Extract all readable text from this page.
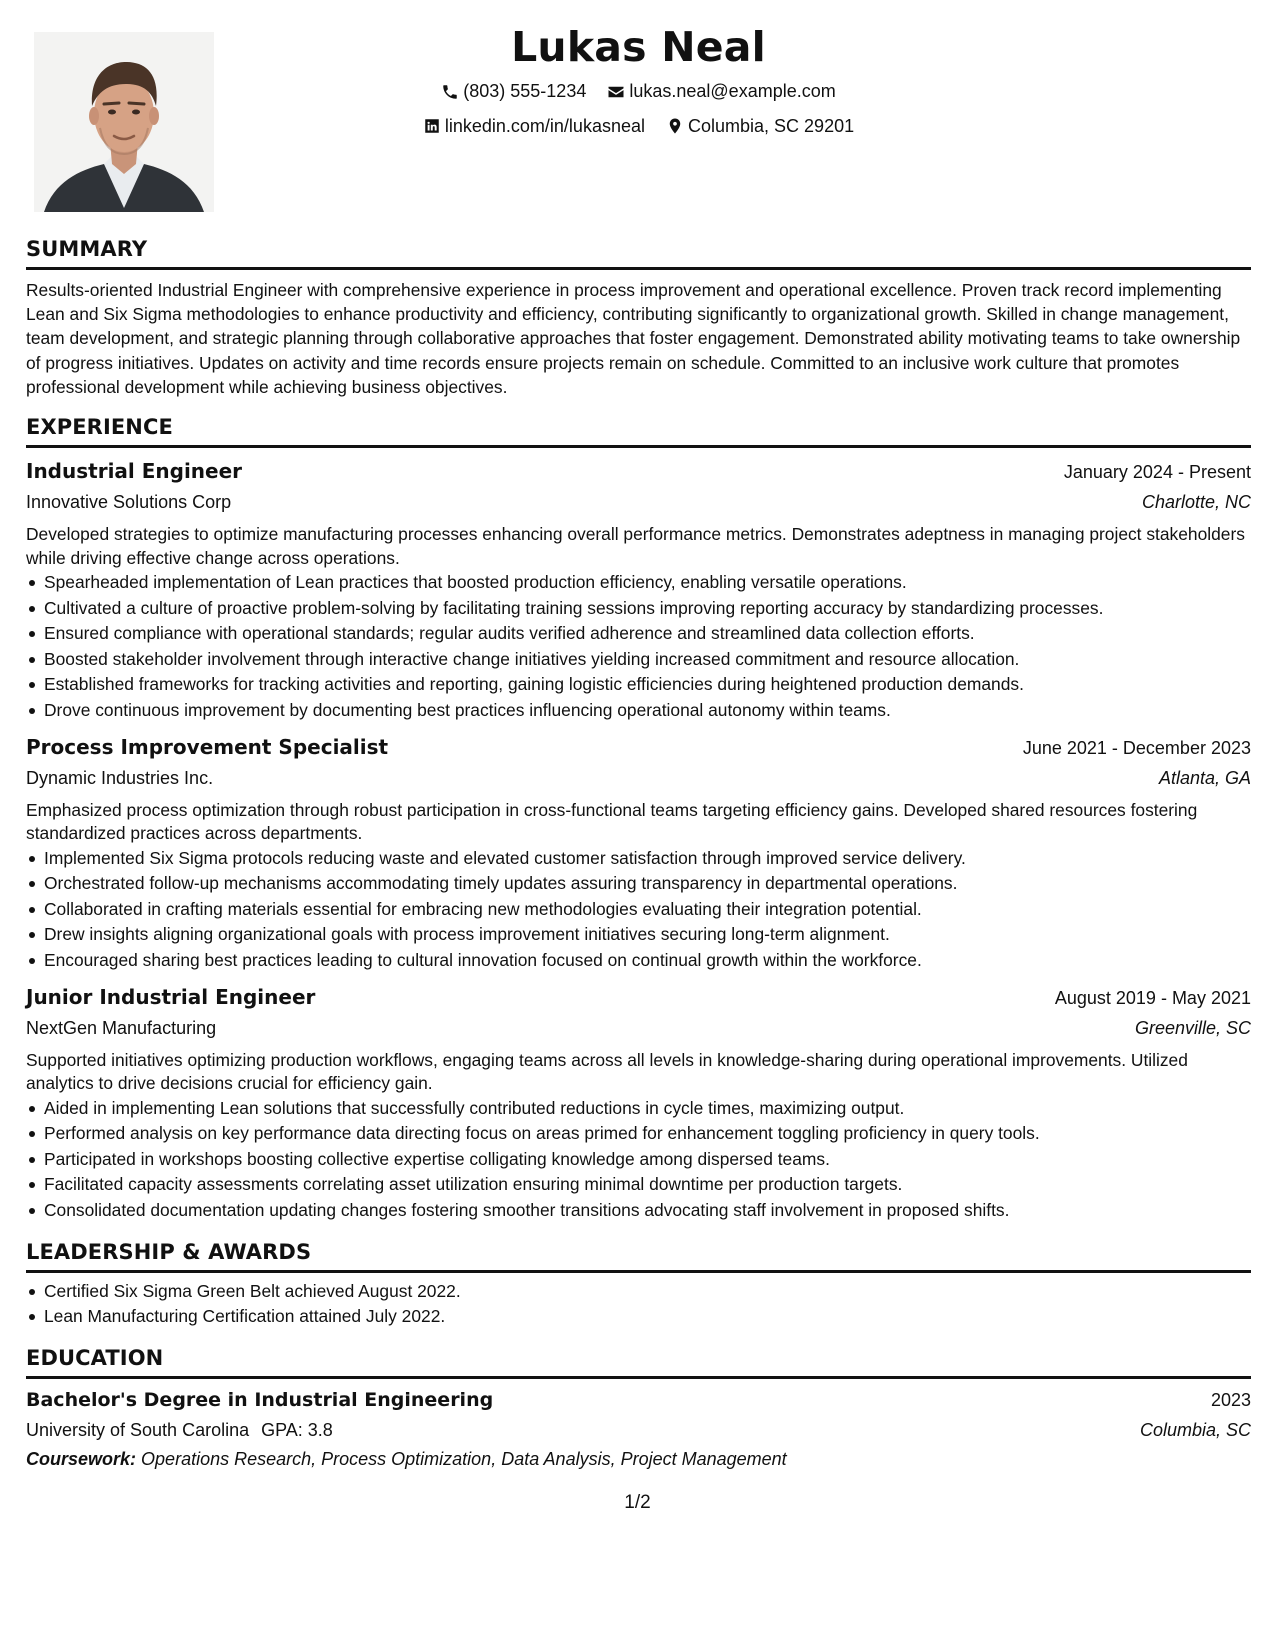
Lukas Neal
(803) 555-1234
lukas.neal@example.com
linkedin.com/in/lukasneal
Columbia, SC 29201
SUMMARY

Results-oriented Industrial Engineer with comprehensive experience in process improvement and operational excellence. Proven track record implementing Lean and Six Sigma methodologies to enhance productivity and efficiency, contributing significantly to organizational growth. Skilled in change management, team development, and strategic planning through collaborative approaches that foster engagement. Demonstrated ability motivating teams to take ownership of progress initiatives. Updates on activity and time records ensure projects remain on schedule. Committed to an inclusive work culture that promotes professional development while achieving business objectives.

EXPERIENCE
Industrial Engineer	January 2024 - Present
Innovative Solutions Corp	Charlotte, NC

Developed strategies to optimize manufacturing processes enhancing overall performance metrics. Demonstrates adeptness in managing project stakeholders while driving effective change across operations.

Spearheaded implementation of Lean practices that boosted production efficiency, enabling versatile operations.
Cultivated a culture of proactive problem-solving by facilitating training sessions improving reporting accuracy by standardizing processes.
Ensured compliance with operational standards; regular audits verified adherence and streamlined data collection efforts.
Boosted stakeholder involvement through interactive change initiatives yielding increased commitment and resource allocation.
Established frameworks for tracking activities and reporting, gaining logistic efficiencies during heightened production demands.
Drove continuous improvement by documenting best practices influencing operational autonomy within teams.
Process Improvement Specialist	June 2021 - December 2023
Dynamic Industries Inc.	Atlanta, GA

Emphasized process optimization through robust participation in cross-functional teams targeting efficiency gains. Developed shared resources fostering standardized practices across departments.

Implemented Six Sigma protocols reducing waste and elevated customer satisfaction through improved service delivery.
Orchestrated follow-up mechanisms accommodating timely updates assuring transparency in departmental operations.
Collaborated in crafting materials essential for embracing new methodologies evaluating their integration potential.
Drew insights aligning organizational goals with process improvement initiatives securing long-term alignment.
Encouraged sharing best practices leading to cultural innovation focused on continual growth within the workforce.
Junior Industrial Engineer	August 2019 - May 2021
NextGen Manufacturing	Greenville, SC

Supported initiatives optimizing production workflows, engaging teams across all levels in knowledge-sharing during operational improvements. Utilized analytics to drive decisions crucial for efficiency gain.

Aided in implementing Lean solutions that successfully contributed reductions in cycle times, maximizing output.
Performed analysis on key performance data directing focus on areas primed for enhancement toggling proficiency in query tools.
Participated in workshops boosting collective expertise colligating knowledge among dispersed teams.
Facilitated capacity assessments correlating asset utilization ensuring minimal downtime per production targets.
Consolidated documentation updating changes fostering smoother transitions advocating staff involvement in proposed shifts.
LEADERSHIP & AWARDS
Certified Six Sigma Green Belt achieved August 2022.
Lean Manufacturing Certification attained July 2022.
EDUCATION
Bachelor's Degree in Industrial Engineering	2023
University of South Carolina GPA: 3.8	Columbia, SC
Coursework: Operations Research, Process Optimization, Data Analysis, Project Management
1/2
